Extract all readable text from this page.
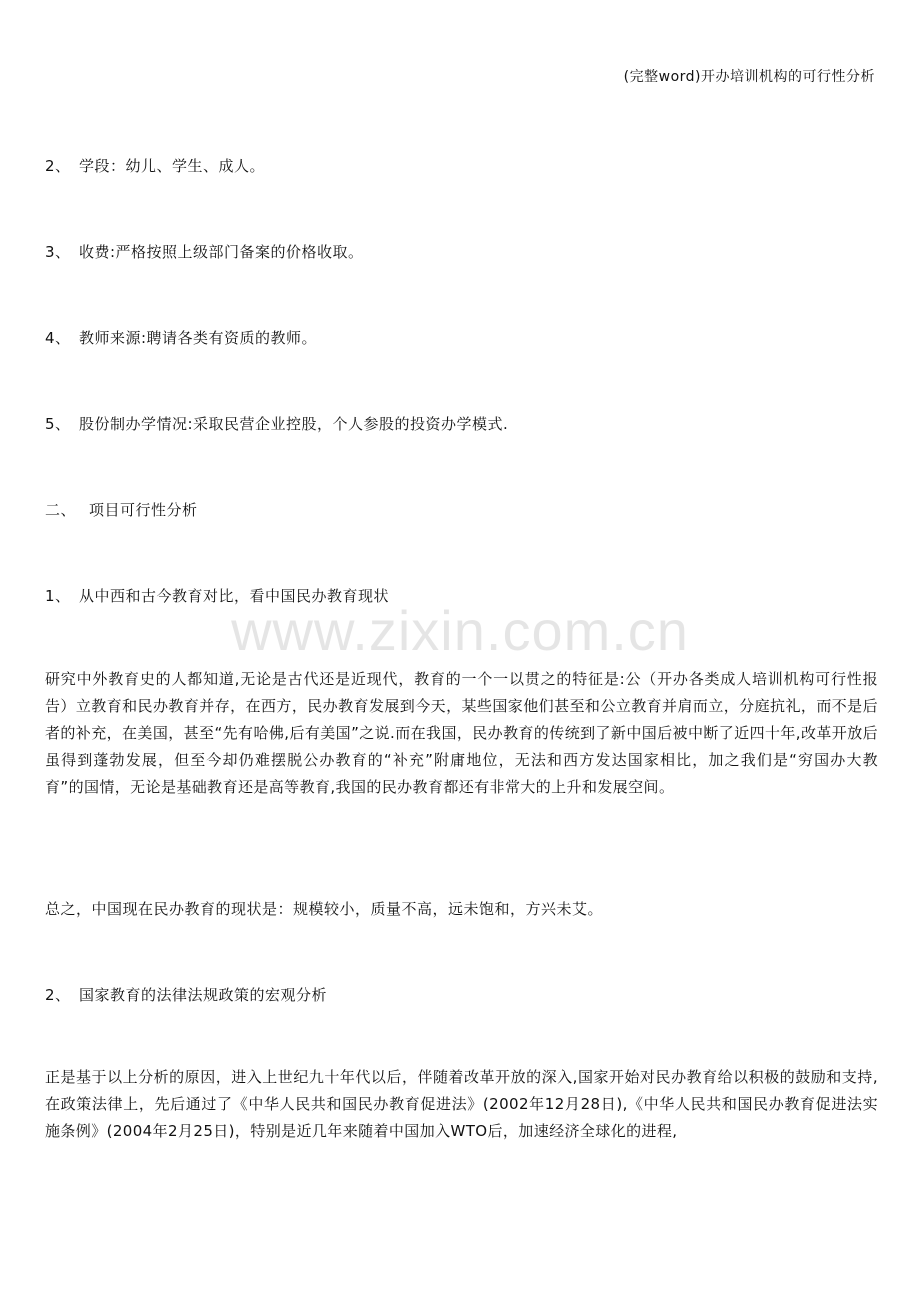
(完整word)开办培训机构的可行性分析
2、 学段：幼儿、学生、成人。
3、 收费:严格按照上级部门备案的价格收取。
4、 教师来源:聘请各类有资质的教师。
5、 股份制办学情况:采取民营企业控股，个人参股的投资办学模式.
二、 项目可行性分析
1、 从中西和古今教育对比，看中国民办教育现状
www.zixin.com.cn
研究中外教育史的人都知道,无论是古代还是近现代，教育的一个一以贯之的特征是:公（开办各类成人培训机构可行性报告）立教育和民办教育并存，在西方，民办教育发展到今天，某些国家他们甚至和公立教育并肩而立，分庭抗礼，而不是后者的补充，在美国，甚至“先有哈佛,后有美国”之说.而在我国，民办教育的传统到了新中国后被中断了近四十年,改革开放后虽得到蓬勃发展，但至今却仍难摆脱公办教育的“补充”附庸地位，无法和西方发达国家相比，加之我们是“穷国办大教育”的国情，无论是基础教育还是高等教育,我国的民办教育都还有非常大的上升和发展空间。
总之，中国现在民办教育的现状是：规模较小，质量不高，远未饱和，方兴未艾。
2、 国家教育的法律法规政策的宏观分析
正是基于以上分析的原因，进入上世纪九十年代以后，伴随着改革开放的深入,国家开始对民办教育给以积极的鼓励和支持,在政策法律上，先后通过了《中华人民共和国民办教育促进法》(2002年12月28日),《中华人民共和国民办教育促进法实施条例》(2004年2月25日)，特别是近几年来随着中国加入WTO后，加速经济全球化的进程,
